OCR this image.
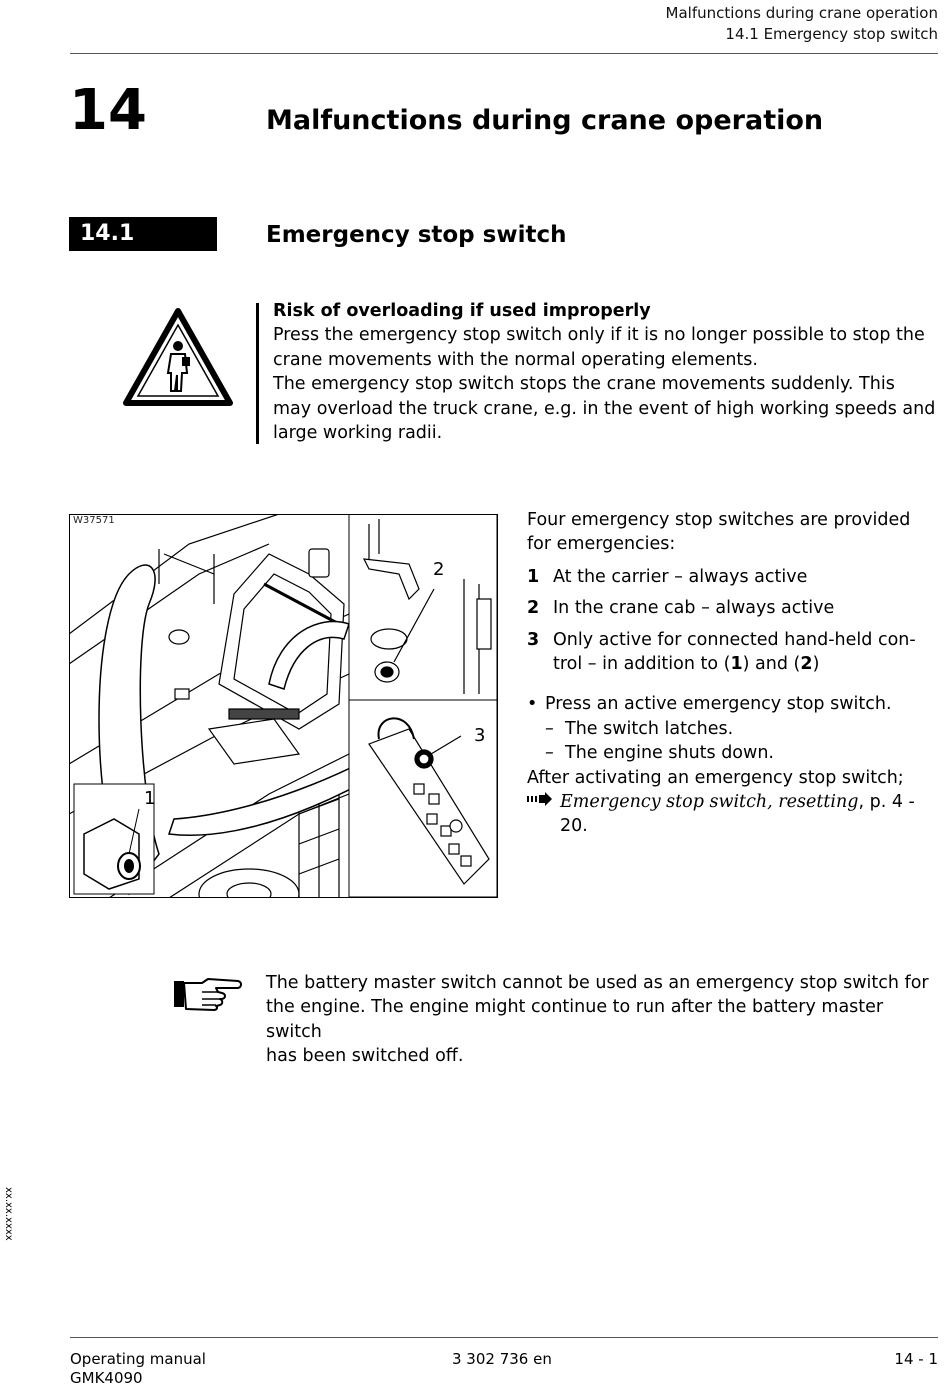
Malfunctions during crane operation
14.1 Emergency stop switch
14	Malfunctions during crane operation
14.1	Emergency stop switch
Risk of overloading if used improperly
Press the emergency stop switch only if it is no longer possible to stop the
crane movements with the normal operating elements.
The emergency stop switch stops the crane movements suddenly. This
may overload the truck crane, e.g. in the event of high working speeds and
large working radii.
W37571
1
2
3

Four emergency stop switches are provided

for emergencies:

1 At the carrier – always active
2 In the crane cab – always active
3 Only active for connected hand-held con-
trol – in addition to (1) and (2)
• Press an active emergency stop switch.
– The switch latches.
– The engine shuts down.

After activating an emergency stop switch;

Emergency stop switch, resetting, p. 4 - 20.
The battery master switch cannot be used as an emergency stop switch for
the engine. The engine might continue to run after the battery master switch
has been switched off.
xx.xx.xxxx
Operating manual
GMK4090
3 302 736 en	14 - 1
